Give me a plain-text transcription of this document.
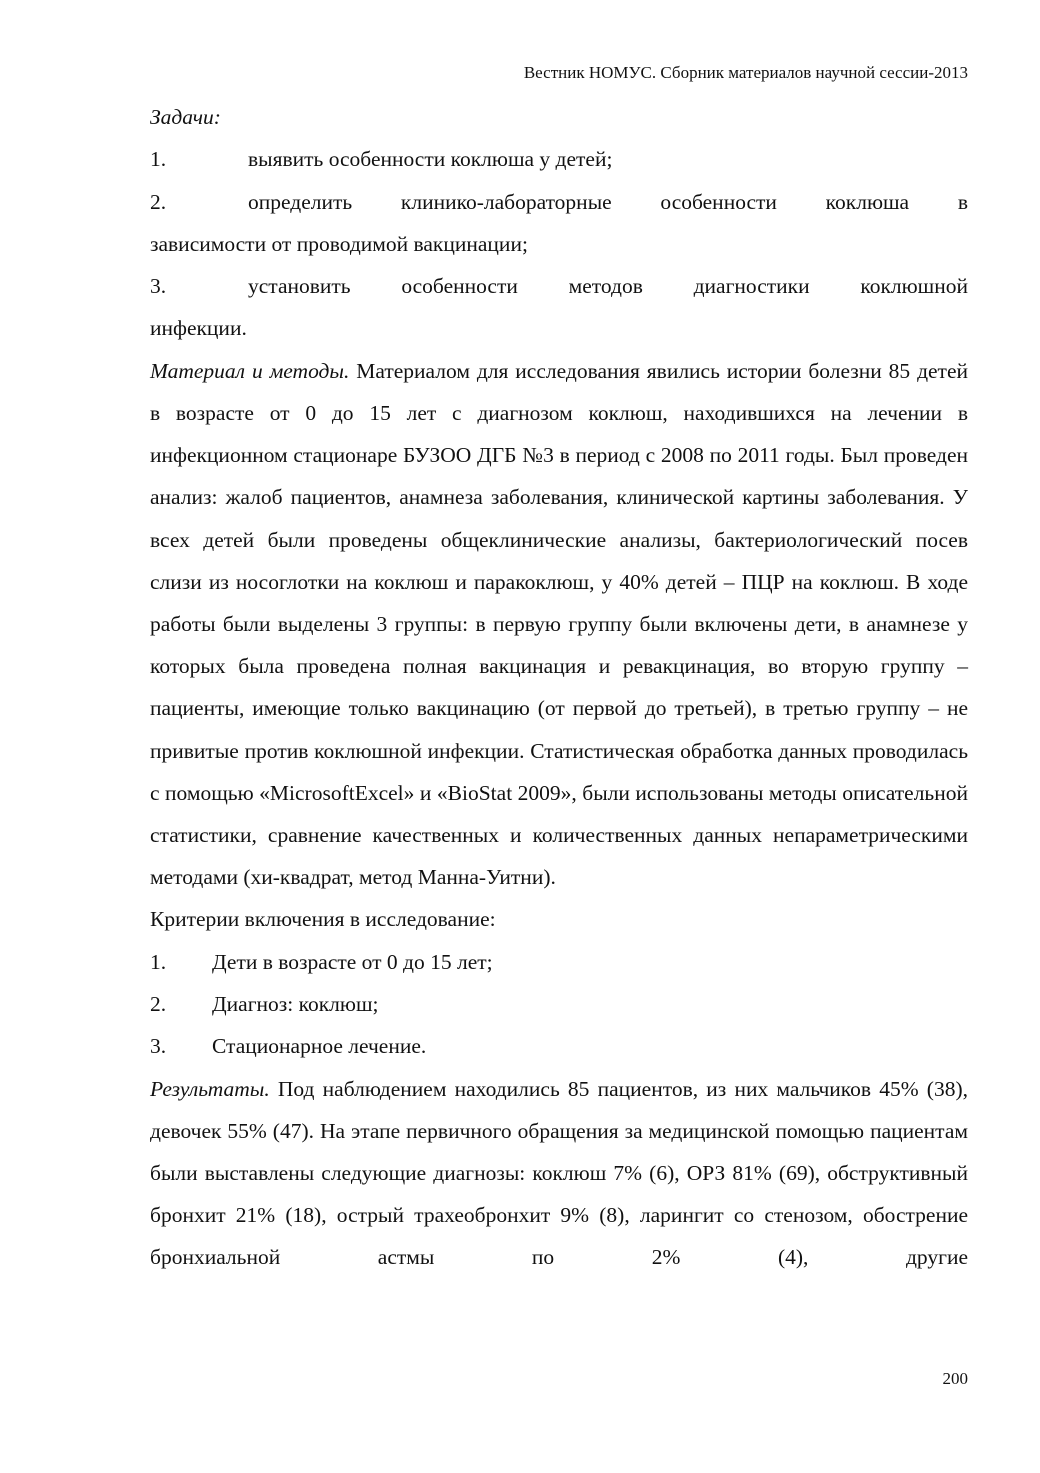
Вестник НОМУС. Сборник материалов научной сессии-2013

Задачи:

1.	выявить особенности коклюша у детей;
2.	определить клинико-лабораторные особенности коклюша в

зависимости от проводимой вакцинации;

3.	установить особенности методов диагностики коклюшной

инфекции.

Материал и методы. Материалом для исследования явились истории болезни 85 детей в возрасте от 0 до 15 лет с диагнозом коклюш, находившихся на лечении в инфекционном стационаре БУЗОО ДГБ №3 в период с 2008 по 2011 годы. Был проведен анализ: жалоб пациентов, анамнеза заболевания, клинической картины заболевания. У всех детей были проведены общеклинические анализы, бактериологический посев слизи из носоглотки на коклюш и паракоклюш, у 40% детей – ПЦР на коклюш. В ходе работы были выделены 3 группы: в первую группу были включены дети, в анамнезе у которых была проведена полная вакцинация и ревакцинация, во вторую группу – пациенты, имеющие только вакцинацию (от первой до третьей), в третью группу – не привитые против коклюшной инфекции. Статистическая обработка данных проводилась с помощью «MicrosoftExcel» и «BioStat 2009», были использованы методы описательной статистики, сравнение качественных и количественных данных непараметрическими методами (хи-квадрат, метод Манна-Уитни).

Критерии включения в исследование:

1.	Дети в возрасте от 0 до 15 лет;
2.	Диагноз: коклюш;
3.	Стационарное лечение.

Результаты. Под наблюдением находились 85 пациентов, из них мальчиков 45% (38), девочек 55% (47). На этапе первичного обращения за медицинской помощью пациентам были выставлены следующие диагнозы: коклюш 7% (6), ОРЗ 81% (69), обструктивный бронхит 21% (18), острый трахеобронхит 9% (8), ларингит со стенозом, обострение бронхиальной астмы по 2% (4), другие

200
